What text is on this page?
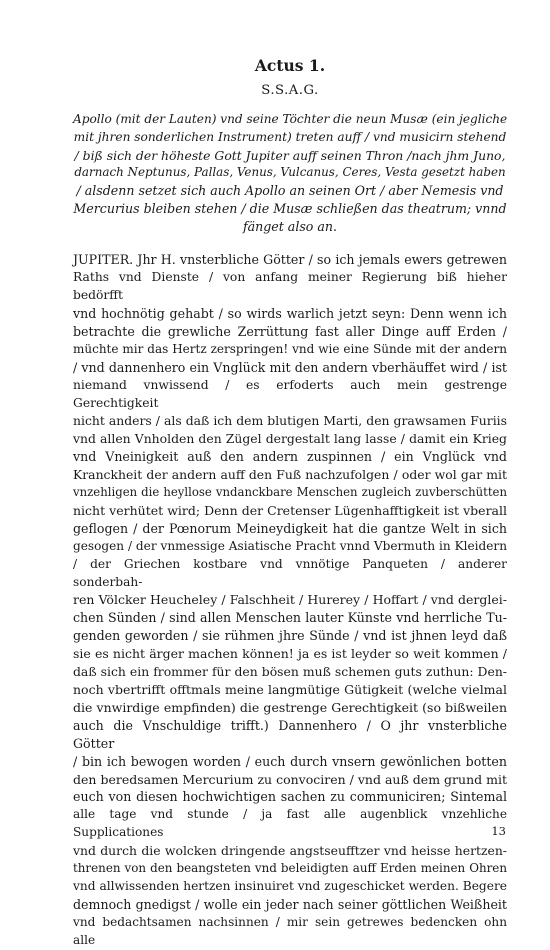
Actus 1.

S.S.A.G.

Apollo (mit der Lauten) vnd seine Töchter die neun Musæ (ein jegliche
mit jhren sonderlichen Instrument) treten auff / vnd musicirn stehend
/ biß sich der höheste Gott Jupiter auff seinen Thron /nach jhm Juno,
darnach Neptunus, Pallas, Venus, Vulcanus, Ceres, Vesta gesetzt haben
/ alsdenn setzet sich auch Apollo an seinen Ort / aber Nemesis vnd
Mercurius bleiben stehen / die Musæ schließen das theatrum; vnnd
fänget also an.
JUPITER. Jhr H. vnsterbliche Götter / so ich jemals ewers getrewen
Raths vnd Dienste / von anfang meiner Regierung biß hieher bedörfft
vnd hochnötig gehabt / so wirds warlich jetzt seyn: Denn wenn ich
betrachte die grewliche Zerrüttung fast aller Dinge auff Erden /
müchte mir das Hertz zerspringen! vnd wie eine Sünde mit der andern
/ vnd dannenhero ein Vnglück mit den andern vberhäuffet wird / ist
niemand vnwissend / es erfoderts auch mein gestrenge Gerechtigkeit
nicht anders / als daß ich dem blutigen Marti, den grawsamen Furiis
vnd allen Vnholden den Zügel dergestalt lang lasse / damit ein Krieg
vnd Vneinigkeit auß den andern zuspinnen / ein Vnglück vnd
Kranckheit der andern auff den Fuß nachzufolgen / oder wol gar mit
vnzehligen die heyllose vndanckbare Menschen zugleich zuvberschütten
nicht verhütet wird; Denn der Cretenser Lügenhafftigkeit ist vberall
geflogen / der Pœnorum Meineydigkeit hat die gantze Welt in sich
gesogen / der vnmessige Asiatische Pracht vnnd Vbermuth in Kleidern
/ der Griechen kostbare vnd vnnötige Panqueten / anderer sonderbah-
ren Völcker Heucheley / Falschheit / Hurerey / Hoffart / vnd derglei-
chen Sünden / sind allen Menschen lauter Künste vnd herrliche Tu-
genden geworden / sie rühmen jhre Sünde / vnd ist jhnen leyd daß
sie es nicht ärger machen können! ja es ist leyder so weit kommen /
daß sich ein frommer für den bösen muß schemen guts zuthun: Den-
noch vbertrifft offtmals meine langmütige Gütigkeit (welche vielmal
die vnwirdige empfinden) die gestrenge Gerechtigkeit (so bißweilen
auch die Vnschuldige trifft.) Dannenhero / O jhr vnsterbliche Götter
/ bin ich bewogen worden / euch durch vnsern gewönlichen botten
den beredsamen Mercurium zu convociren / vnd auß dem grund mit
euch von diesen hochwichtigen sachen zu communiciren; Sintemal
alle tage vnd stunde / ja fast alle augenblick vnzehliche Supplicationes
vnd durch die wolcken dringende angstseufftzer vnd heisse hertzen-
threnen von den beangsteten vnd beleidigten auff Erden meinen Ohren
vnd allwissenden hertzen insinuiret vnd zugeschicket werden. Begere
demnoch gnedigst / wolle ein jeder nach seiner göttlichen Weißheit
vnd bedachtsamen nachsinnen / mir sein getrewes bedencken ohn alle
13
